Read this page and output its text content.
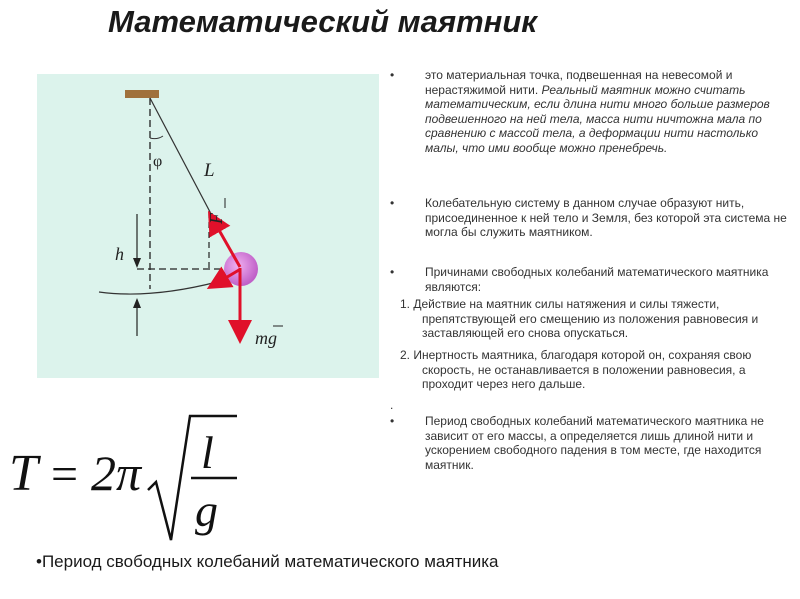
Математический маятник
φ L
F
h
mg
•	это материальная точка, подвешенная на невесомой и нерастяжимой нити. Реальный маятник можно считать математическим, если длина нити много больше размеров подвешенного на ней тела, масса нити ничтожна мала по сравнению с массой тела, а деформации нити настолько малы, что ими вообще можно пренебречь.
•	Колебательную систему в данном случае образуют нить, присоединенное к ней тело и Земля, без которой эта система не могла бы служить маятником.
•	Причинами свободных колебаний математического маятника являются:
1. Действие на маятник силы натяжения и силы тяжести, препятствующей его смещению из положения равновесия и заставляющей его снова опускаться.
2. Инертность маятника, благодаря которой он, сохраняя свою скорость, не останавливается в положении равновесия, а проходит через него дальше.
.
•	Период свободных колебаний математического маятника не зависит от его массы, а определяется лишь длиной нити и ускорением свободного падения в том месте, где находится маятник.
T = 2π l
g
•Период свободных колебаний математического маятника
